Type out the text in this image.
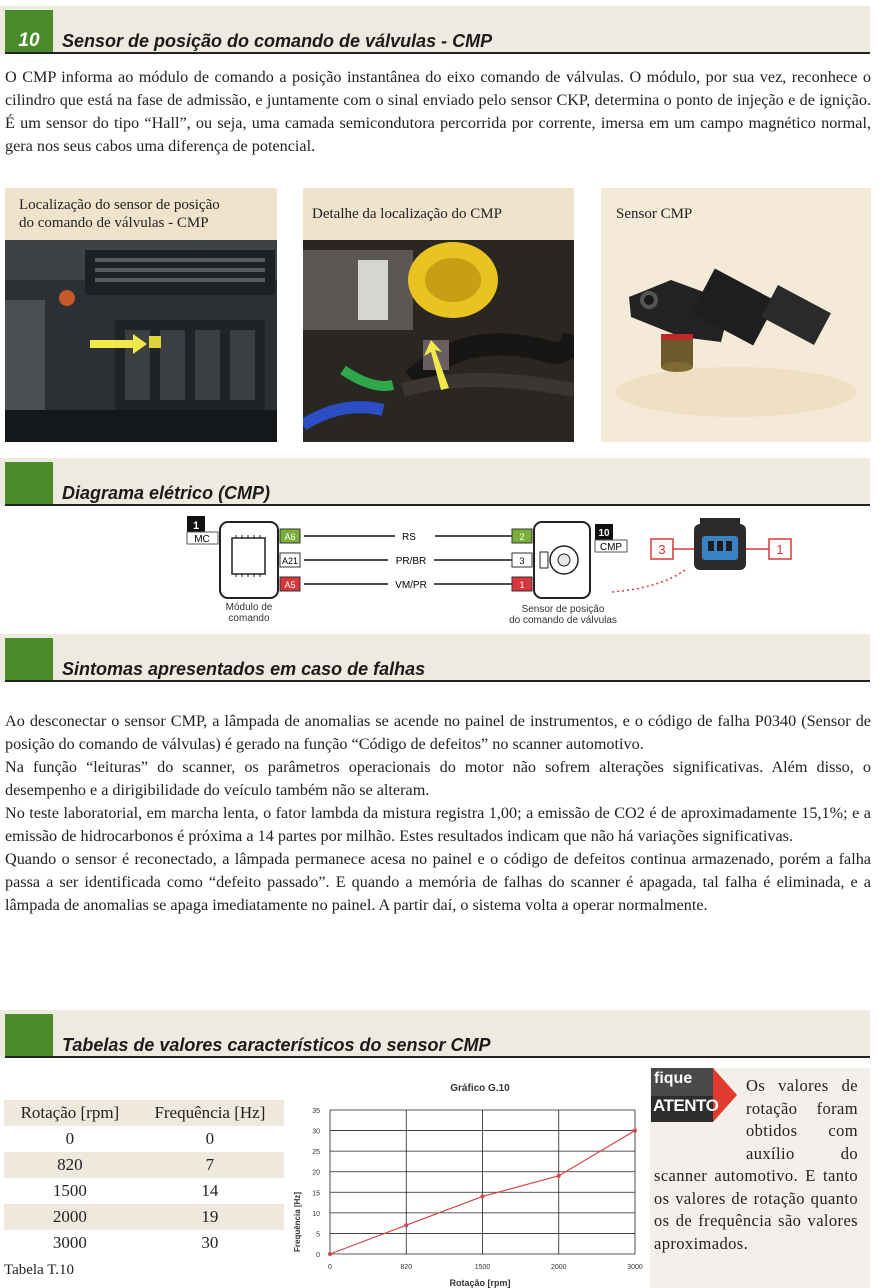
10	Sensor de posição do comando de válvulas - CMP

O CMP informa ao módulo de comando a posição instantânea do eixo comando de válvulas. O módulo, por sua vez, reconhece o cilindro que está na fase de admissão, e juntamente com o sinal enviado pelo sensor CKP, determina o ponto de injeção e de ignição. É um sensor do tipo “Hall”, ou seja, uma camada semicondutora percorrida por corrente, imersa em um campo magnético normal, gera nos seus cabos uma diferença de potencial.

Localização do sensor de posição
do comando de válvulas - CMP
Detalhe da localização do CMP	Sensor CMP
Diagrama elétrico (CMP)
1
MC	A6
A21
A5
RS
PR/BR
VM/PR
2
3
1
10
CMP	3	1
Módulo de
comando
Sensor de posição
do comando de válvulas
Sintomas apresentados em caso de falhas

Ao desconectar o sensor CMP, a lâmpada de anomalias se acende no painel de instrumentos, e o código de falha P0340 (Sensor de posição do comando de válvulas) é gerado na função “Código de defeitos” no scanner automotivo.

Na função “leituras” do scanner, os parâmetros operacionais do motor não sofrem alterações significativas. Além disso, o desempenho e a dirigibilidade do veículo também não se alteram.

No teste laboratorial, em marcha lenta, o fator lambda da mistura registra 1,00; a emissão de CO2 é de aproximadamente 15,1%; e a emissão de hidrocarbonos é próxima a 14 partes por milhão. Estes resultados indicam que não há variações significativas.

Quando o sensor é reconectado, a lâmpada permanece acesa no painel e o código de defeitos continua armazenado, porém a falha passa a ser identificada como “defeito passado”. E quando a memória de falhas do scanner é apagada, tal falha é eliminada, e a lâmpada de anomalias se apaga imediatamente no painel. A partir daí, o sistema volta a operar normalmente.

Tabelas de valores característicos do sensor CMP
Rotação [rpm]	Frequência [Hz]
0	0
820	7
1500	14
2000	19
3000	30
Tabela T.10
Gráfico G.10
Frequência [Hz]
Rotação [rpm]
0
5
10
15
20
25
30
35
0	820	1500	2000	3000
fique
ATENTO
Os valores de rotação foram obtidos com auxílio do scanner automotivo. E tanto os valores de rotação quanto os de frequência são valores aproximados.
